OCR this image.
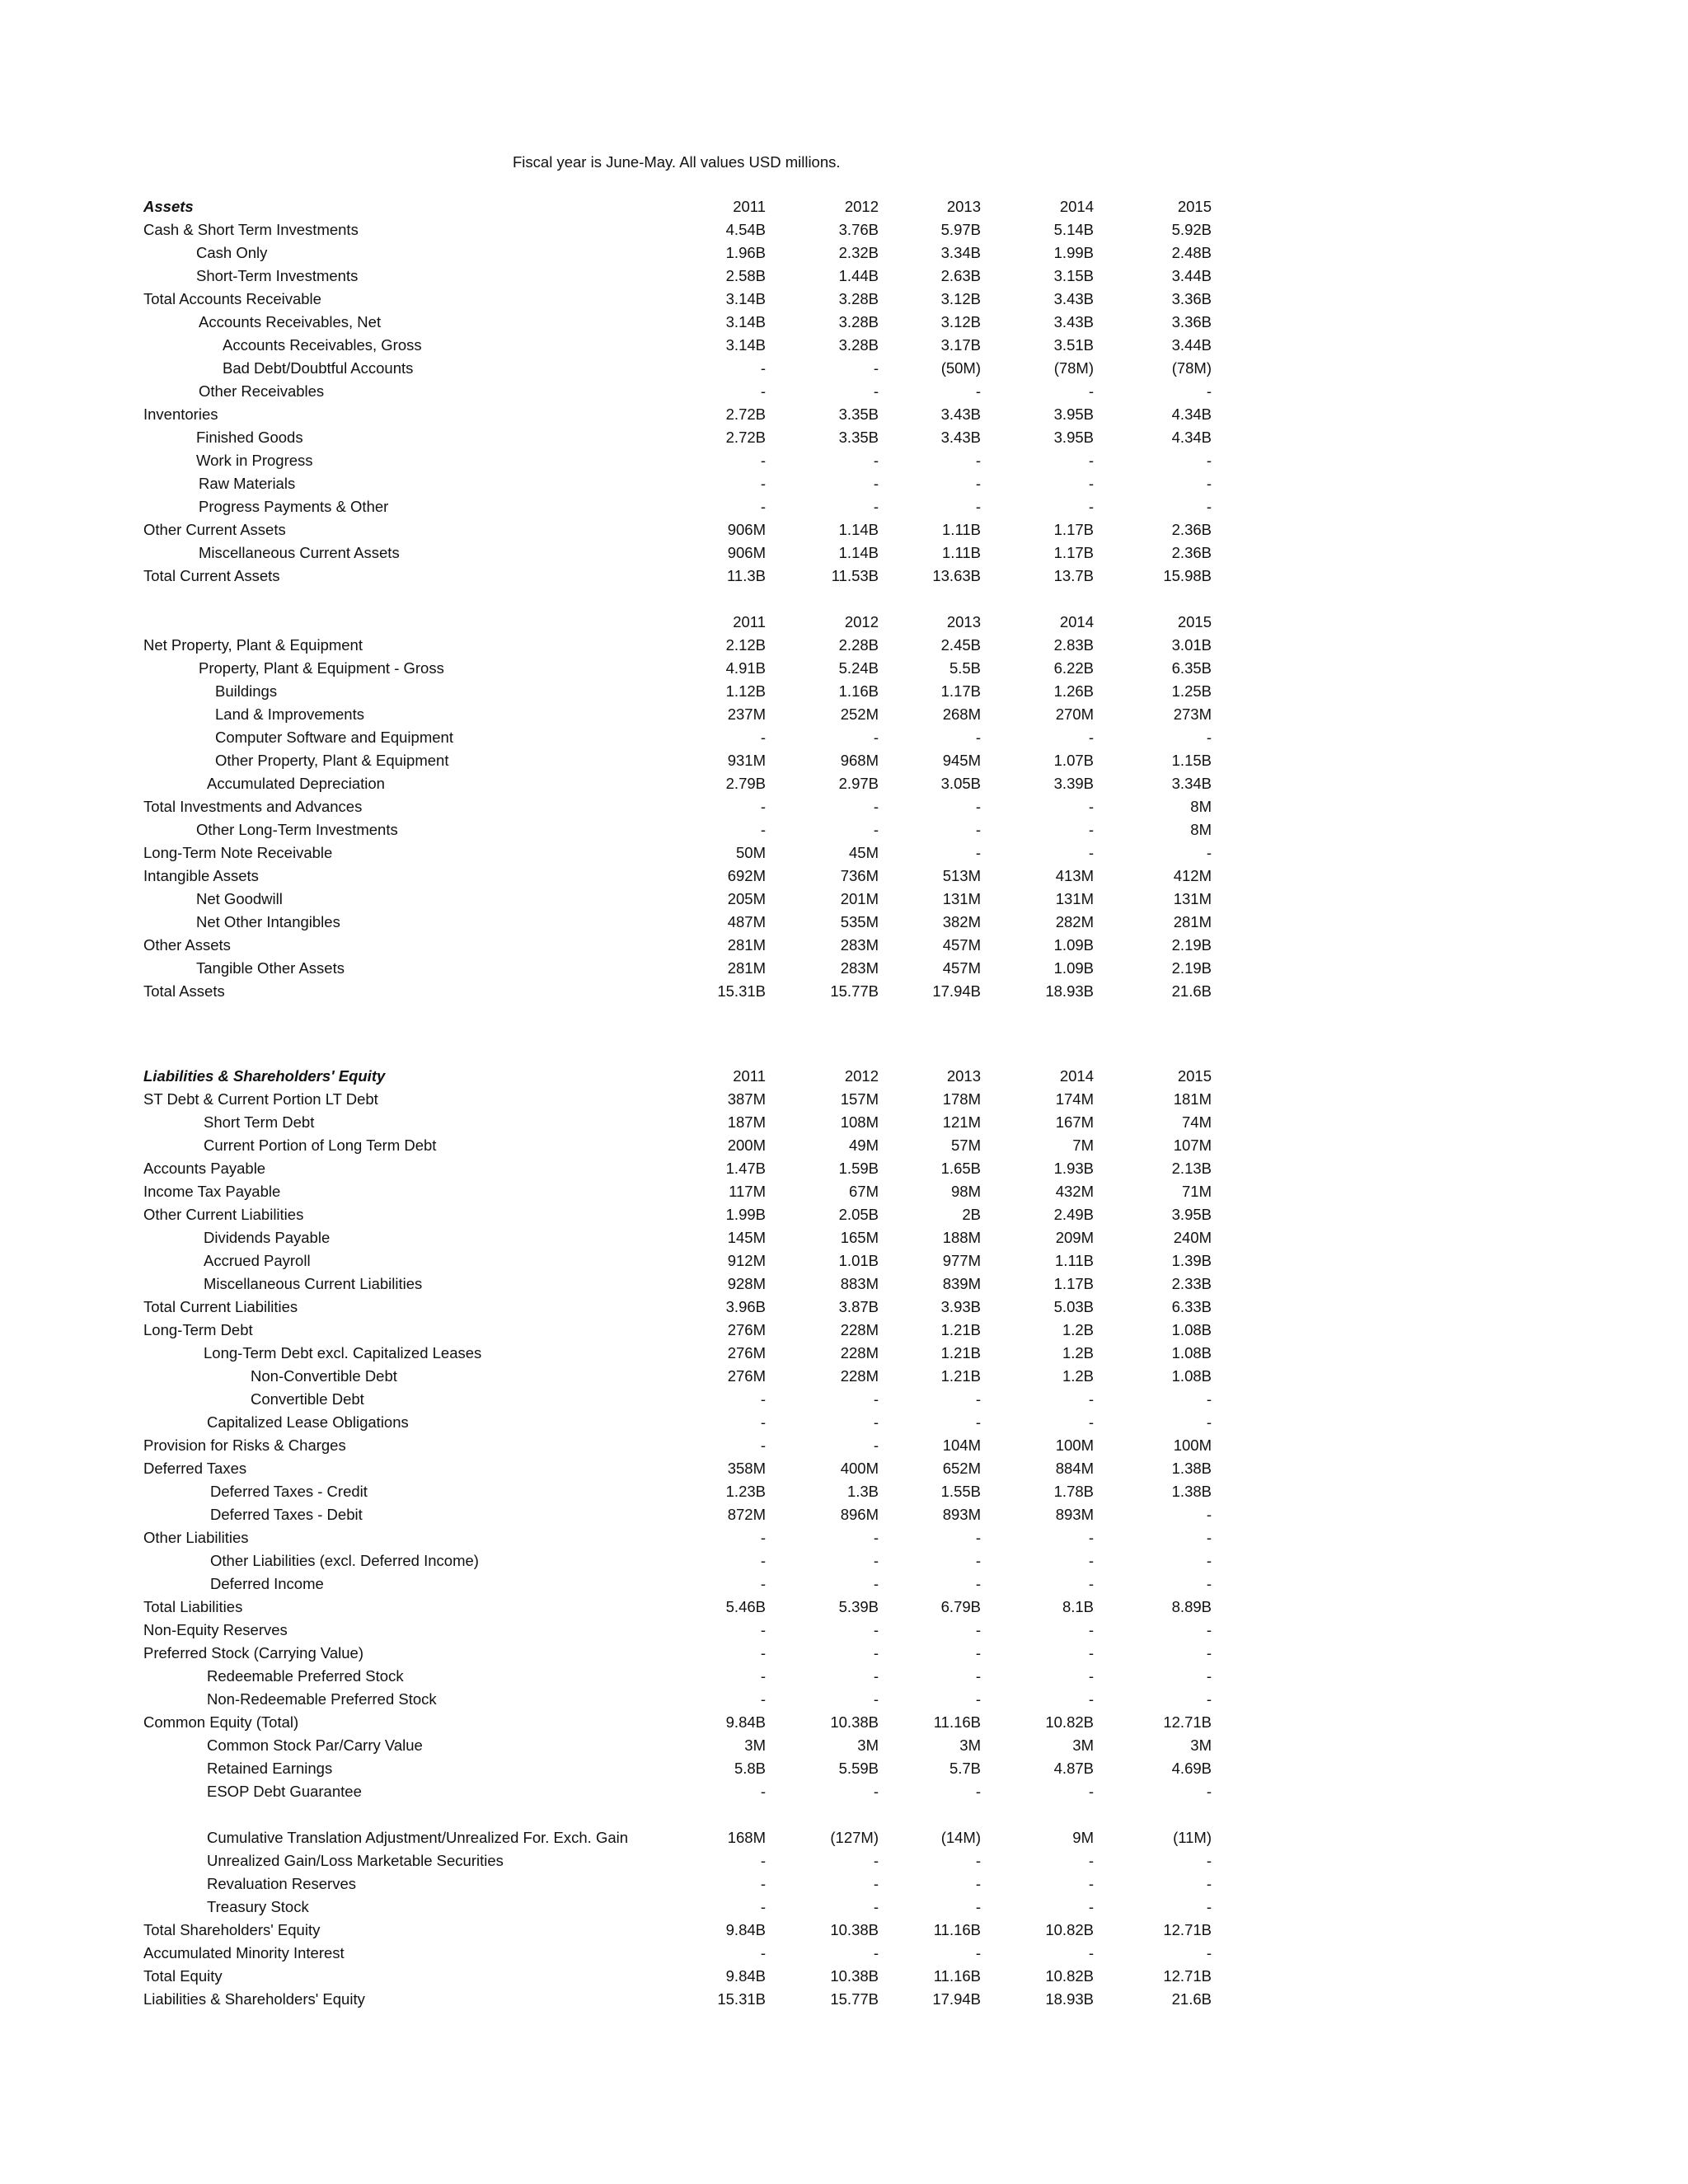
Fiscal year is June-May. All values USD millions.
Assets	2011	2012	2013	2014	2015
Cash & Short Term Investments	4.54B	3.76B	5.97B	5.14B	5.92B
Cash Only	1.96B	2.32B	3.34B	1.99B	2.48B
Short-Term Investments	2.58B	1.44B	2.63B	3.15B	3.44B
Total Accounts Receivable	3.14B	3.28B	3.12B	3.43B	3.36B
Accounts Receivables, Net	3.14B	3.28B	3.12B	3.43B	3.36B
Accounts Receivables, Gross	3.14B	3.28B	3.17B	3.51B	3.44B
Bad Debt/Doubtful Accounts	-	-	(50M)	(78M)	(78M)
Other Receivables	-	-	-	-	-
Inventories	2.72B	3.35B	3.43B	3.95B	4.34B
Finished Goods	2.72B	3.35B	3.43B	3.95B	4.34B
Work in Progress	-	-	-	-	-
Raw Materials	-	-	-	-	-
Progress Payments & Other	-	-	-	-	-
Other Current Assets	906M	1.14B	1.11B	1.17B	2.36B
Miscellaneous Current Assets	906M	1.14B	1.11B	1.17B	2.36B
Total Current Assets	11.3B	11.53B	13.63B	13.7B	15.98B
2011	2012	2013	2014	2015
Net Property, Plant & Equipment	2.12B	2.28B	2.45B	2.83B	3.01B
Property, Plant & Equipment - Gross	4.91B	5.24B	5.5B	6.22B	6.35B
Buildings	1.12B	1.16B	1.17B	1.26B	1.25B
Land & Improvements	237M	252M	268M	270M	273M
Computer Software and Equipment	-	-	-	-	-
Other Property, Plant & Equipment	931M	968M	945M	1.07B	1.15B
Accumulated Depreciation	2.79B	2.97B	3.05B	3.39B	3.34B
Total Investments and Advances	-	-	-	-	8M
Other Long-Term Investments	-	-	-	-	8M
Long-Term Note Receivable	50M	45M	-	-	-
Intangible Assets	692M	736M	513M	413M	412M
Net Goodwill	205M	201M	131M	131M	131M
Net Other Intangibles	487M	535M	382M	282M	281M
Other Assets	281M	283M	457M	1.09B	2.19B
Tangible Other Assets	281M	283M	457M	1.09B	2.19B
Total Assets	15.31B	15.77B	17.94B	18.93B	21.6B
Liabilities & Shareholders' Equity	2011	2012	2013	2014	2015
ST Debt & Current Portion LT Debt	387M	157M	178M	174M	181M
Short Term Debt	187M	108M	121M	167M	74M
Current Portion of Long Term Debt	200M	49M	57M	7M	107M
Accounts Payable	1.47B	1.59B	1.65B	1.93B	2.13B
Income Tax Payable	117M	67M	98M	432M	71M
Other Current Liabilities	1.99B	2.05B	2B	2.49B	3.95B
Dividends Payable	145M	165M	188M	209M	240M
Accrued Payroll	912M	1.01B	977M	1.11B	1.39B
Miscellaneous Current Liabilities	928M	883M	839M	1.17B	2.33B
Total Current Liabilities	3.96B	3.87B	3.93B	5.03B	6.33B
Long-Term Debt	276M	228M	1.21B	1.2B	1.08B
Long-Term Debt excl. Capitalized Leases	276M	228M	1.21B	1.2B	1.08B
Non-Convertible Debt	276M	228M	1.21B	1.2B	1.08B
Convertible Debt	-	-	-	-	-
Capitalized Lease Obligations	-	-	-	-	-
Provision for Risks & Charges	-	-	104M	100M	100M
Deferred Taxes	358M	400M	652M	884M	1.38B
Deferred Taxes - Credit	1.23B	1.3B	1.55B	1.78B	1.38B
Deferred Taxes - Debit	872M	896M	893M	893M	-
Other Liabilities	-	-	-	-	-
Other Liabilities (excl. Deferred Income)	-	-	-	-	-
Deferred Income	-	-	-	-	-
Total Liabilities	5.46B	5.39B	6.79B	8.1B	8.89B
Non-Equity Reserves	-	-	-	-	-
Preferred Stock (Carrying Value)	-	-	-	-	-
Redeemable Preferred Stock	-	-	-	-	-
Non-Redeemable Preferred Stock	-	-	-	-	-
Common Equity (Total)	9.84B	10.38B	11.16B	10.82B	12.71B
Common Stock Par/Carry Value	3M	3M	3M	3M	3M
Retained Earnings	5.8B	5.59B	5.7B	4.87B	4.69B
ESOP Debt Guarantee	-	-	-	-	-
Cumulative Translation Adjustment/Unrealized For. Exch. Gain	168M	(127M)	(14M)	9M	(11M)
Unrealized Gain/Loss Marketable Securities	-	-	-	-	-
Revaluation Reserves	-	-	-	-	-
Treasury Stock	-	-	-	-	-
Total Shareholders' Equity	9.84B	10.38B	11.16B	10.82B	12.71B
Accumulated Minority Interest	-	-	-	-	-
Total Equity	9.84B	10.38B	11.16B	10.82B	12.71B
Liabilities & Shareholders' Equity	15.31B	15.77B	17.94B	18.93B	21.6B
